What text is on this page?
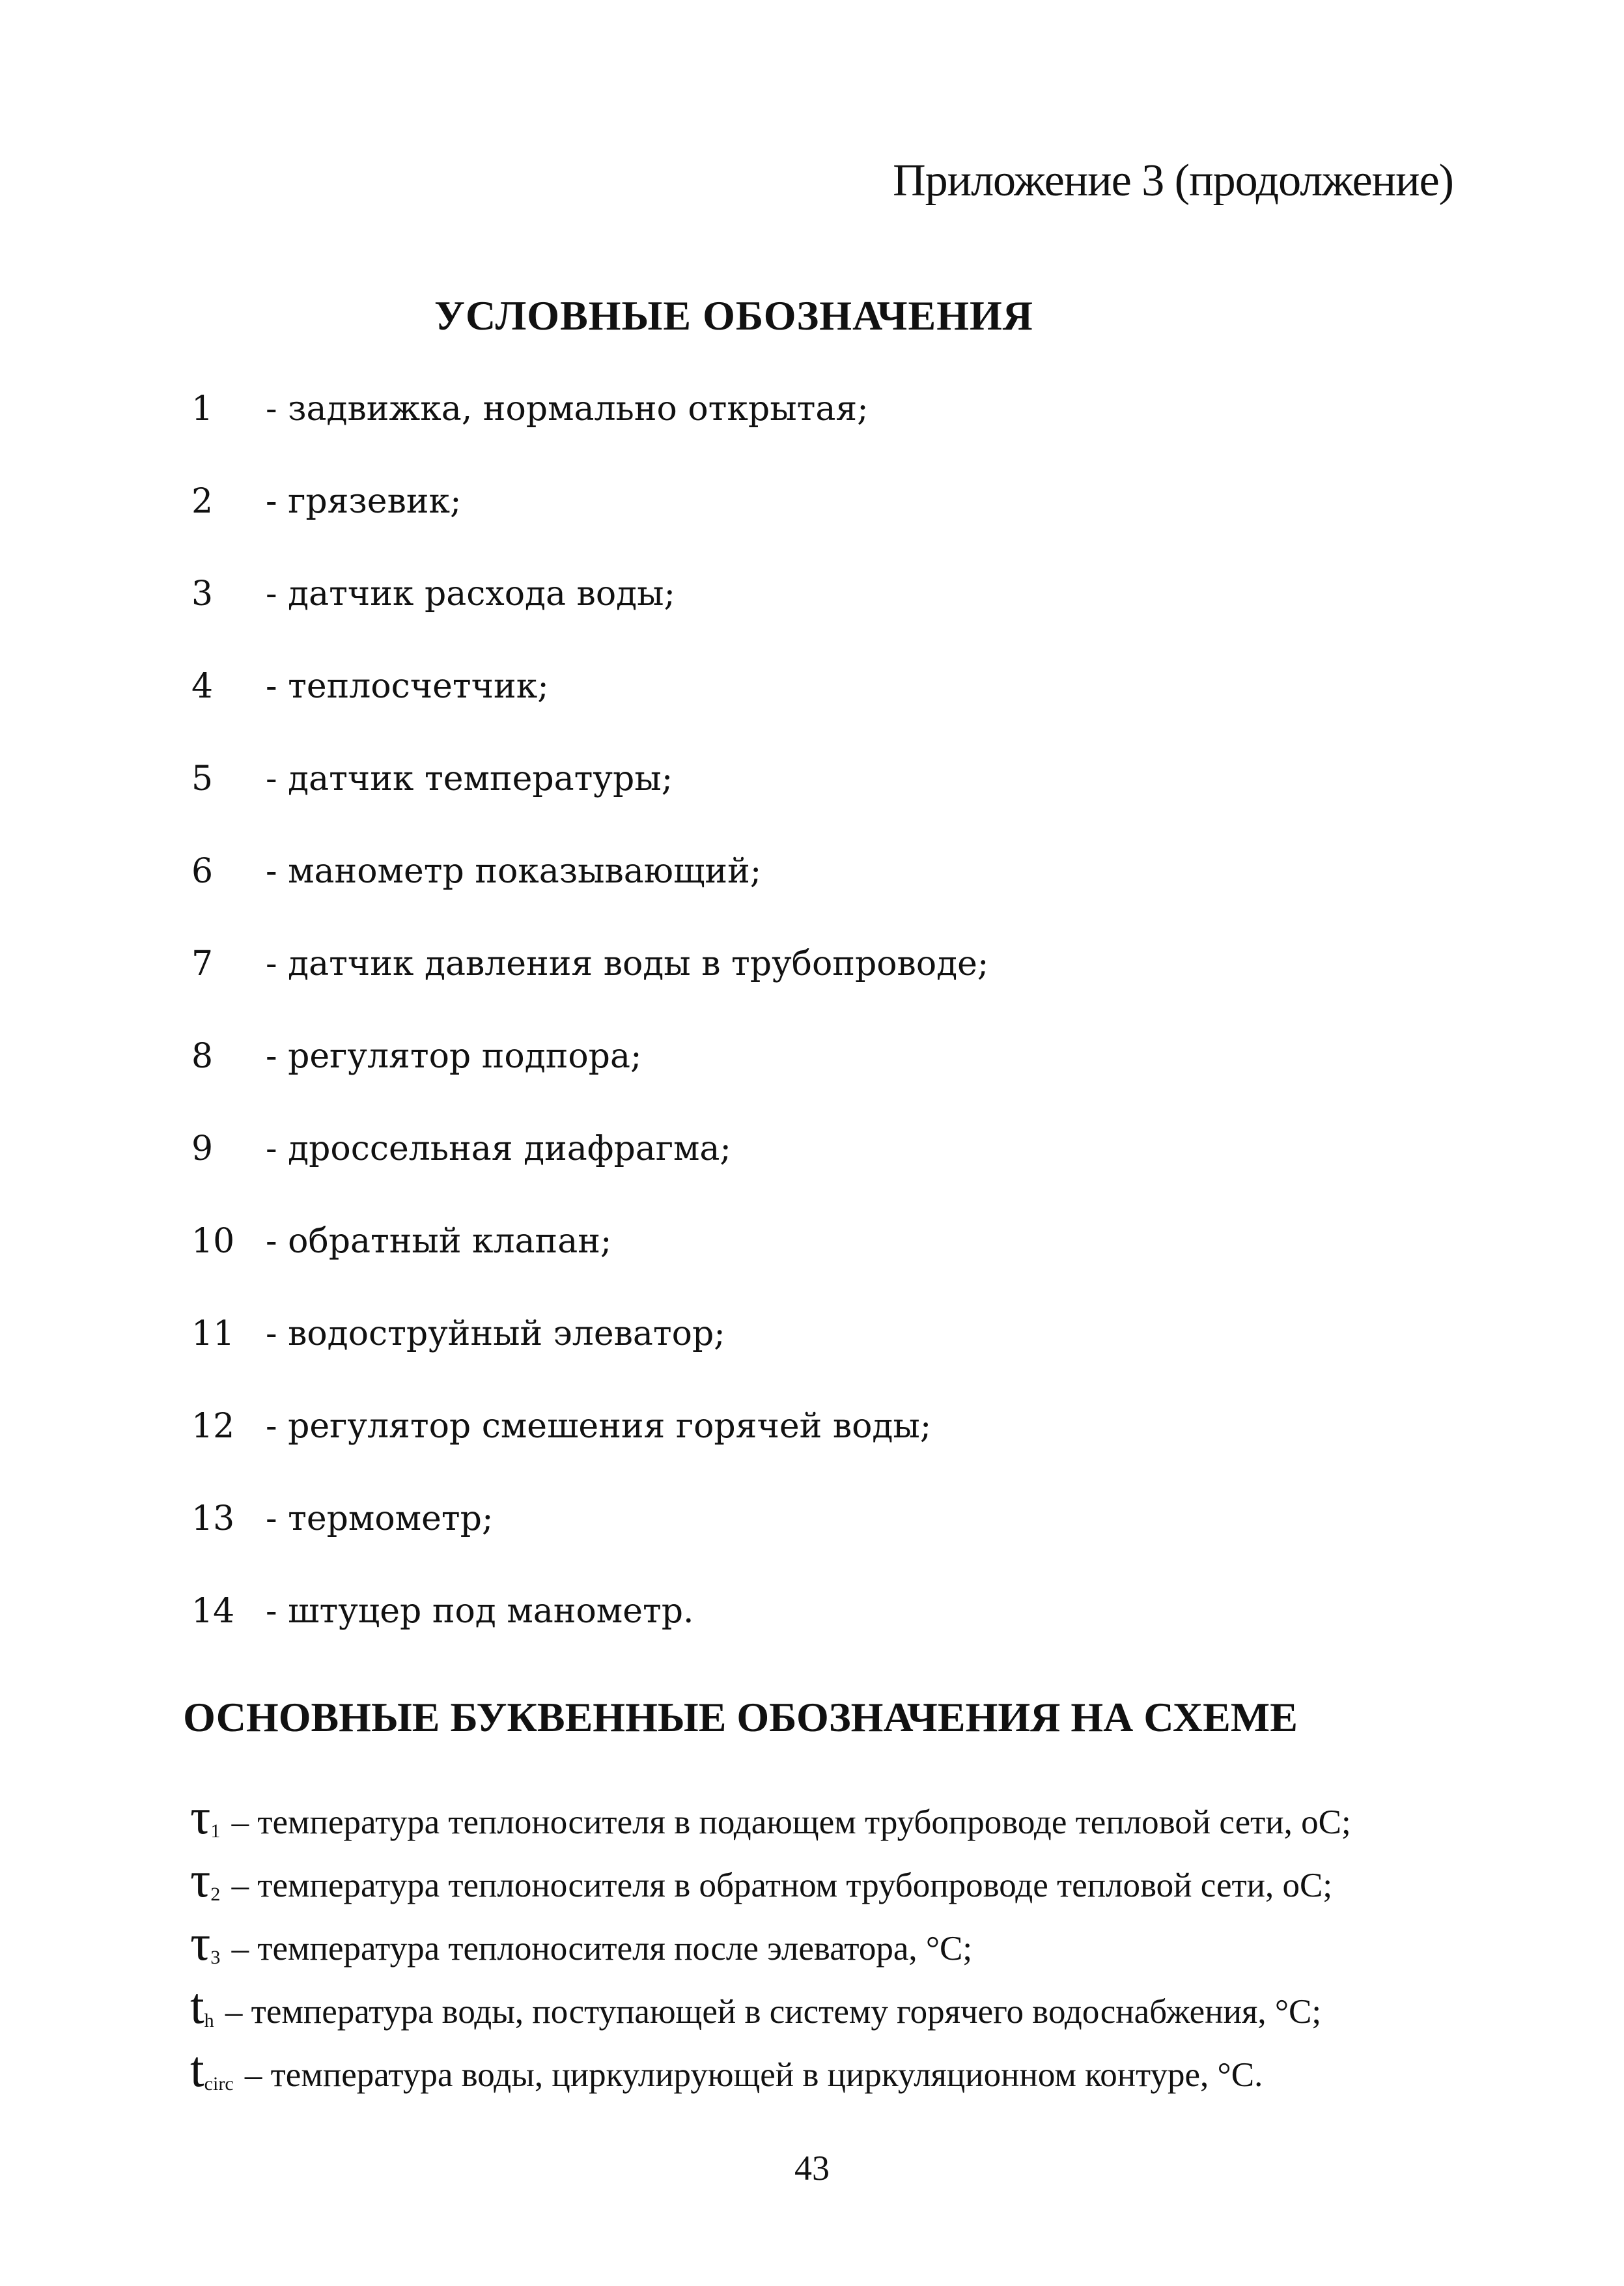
Приложение 3 (продолжение)
УСЛОВНЫЕ ОБОЗНАЧЕНИЯ
1	- задвижка, нормально открытая;
2	- грязевик;
3	- датчик расхода воды;
4	- теплосчетчик;
5	- датчик температуры;
6	- манометр показывающий;
7	- датчик давления воды в трубопроводе;
8	- регулятор подпора;
9	- дроссельная диафрагма;
10 - обратный клапан;
11 - водоструйный элеватор;
12 - регулятор смешения горячей воды;
13 - термометр;
14 - штуцер под манометр.
ОСНОВНЫЕ БУКВЕННЫЕ ОБОЗНАЧЕНИЯ НА СХЕМЕ
$\tau_1$ – температура теплоносителя в подающем трубопроводе тепловой сети, оС;
$\tau_2$ – температура теплоносителя в обратном трубопроводе тепловой сети, оС;
$\tau_3$ – температура теплоносителя после элеватора, °С;
$t_h$ – температура воды, поступающей в систему горячего водоснабжения, °С;
$t_{circ}$ – температура воды, циркулирующей в циркуляционном контуре, °С.
43
